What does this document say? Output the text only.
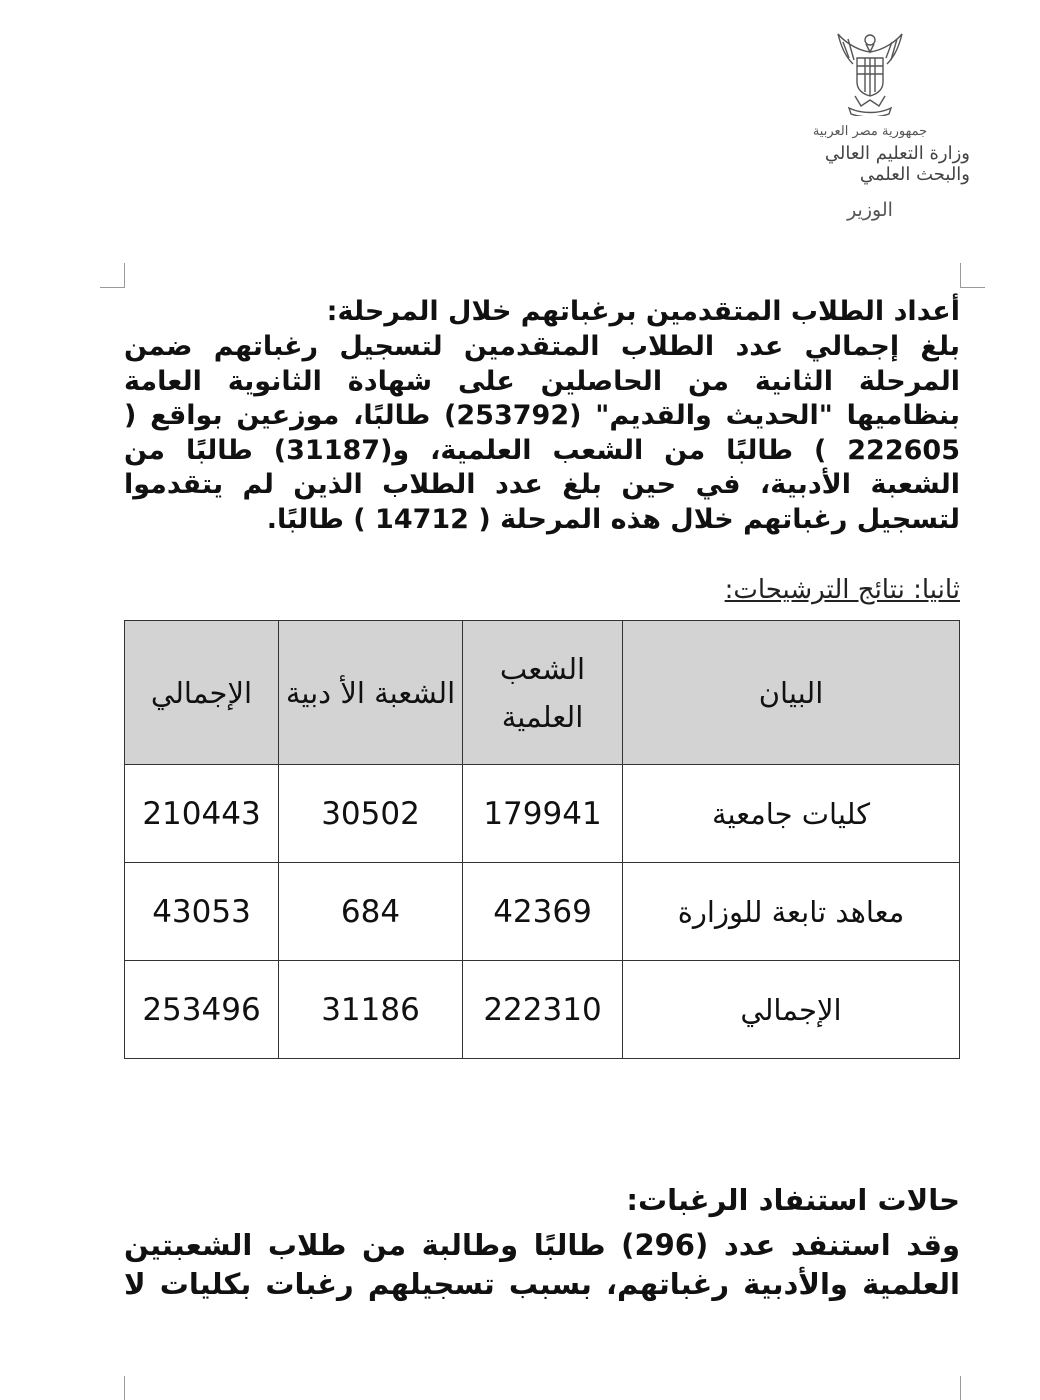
جمهورية مصر العربية
وزارة التعليم العالي والبحث العلمي
الوزير
أعداد الطلاب المتقدمين برغباتهم خلال المرحلة:
بلغ إجمالي عدد الطلاب المتقدمين لتسجيل رغباتهم ضمن المرحلة الثانية من الحاصلين على شهادة الثانوية العامة بنظاميها "الحديث والقديم" (253792) طالبًا، موزعين بواقع ( 222605 ) طالبًا من الشعب العلمية، و(31187) طالبًا من الشعبة الأدبية، في حين بلغ عدد الطلاب الذين لم يتقدموا لتسجيل رغباتهم خلال هذه المرحلة ( 14712 ) طالبًا.
ثانيا: نتائج الترشيحات:
البيان	الشعب العلمية	الشعبة الأ دبية	الإجمالي
كليات جامعية	179941	30502	210443
معاهد تابعة للوزارة	42369	684	43053
الإجمالي	222310	31186	253496
حالات استنفاد الرغبات:
وقد استنفد عدد (296) طالبًا وطالبة من طلاب الشعبتين العلمية والأدبية رغباتهم، بسبب تسجيلهم رغبات بكليات لا
